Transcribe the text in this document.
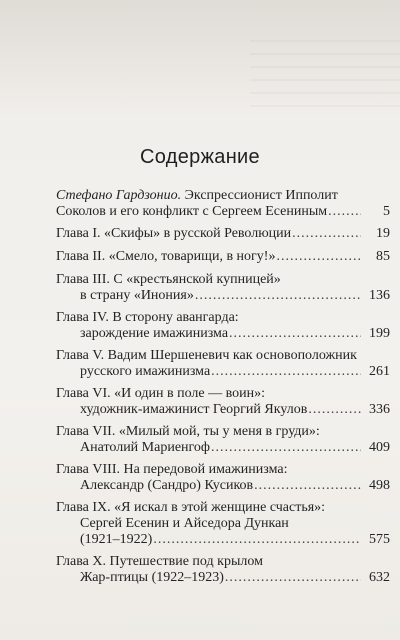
Содержание
Стефано Гардзонио. Экспрессионист Ипполит
Соколов и его конфликт с Сергеем Есениным .....	5
Глава I. «Скифы» в русской Революции .....	19
Глава II. «Смело, товарищи, в ногу!» .....	85
Глава III. С «крестьянской купницей»
в страну «Инония» .....	136
Глава IV. В сторону авангарда:
зарождение имажинизма .....	199
Глава V. Вадим Шершеневич как основоположник
русского имажинизма .....	261
Глава VI. «И один в поле — воин»:
художник-имажинист Георгий Якулов .....	336
Глава VII. «Милый мой, ты у меня в груди»:
Анатолий Мариенгоф .....	409
Глава VIII. На передовой имажинизма:
Александр (Сандро) Кусиков .....	498
Глава IX. «Я искал в этой женщине счастья»:
Сергей Есенин и Айседора Дункан
(1921–1922) .....	575
Глава X. Путешествие под крылом
Жар-птицы (1922–1923) .....	632
